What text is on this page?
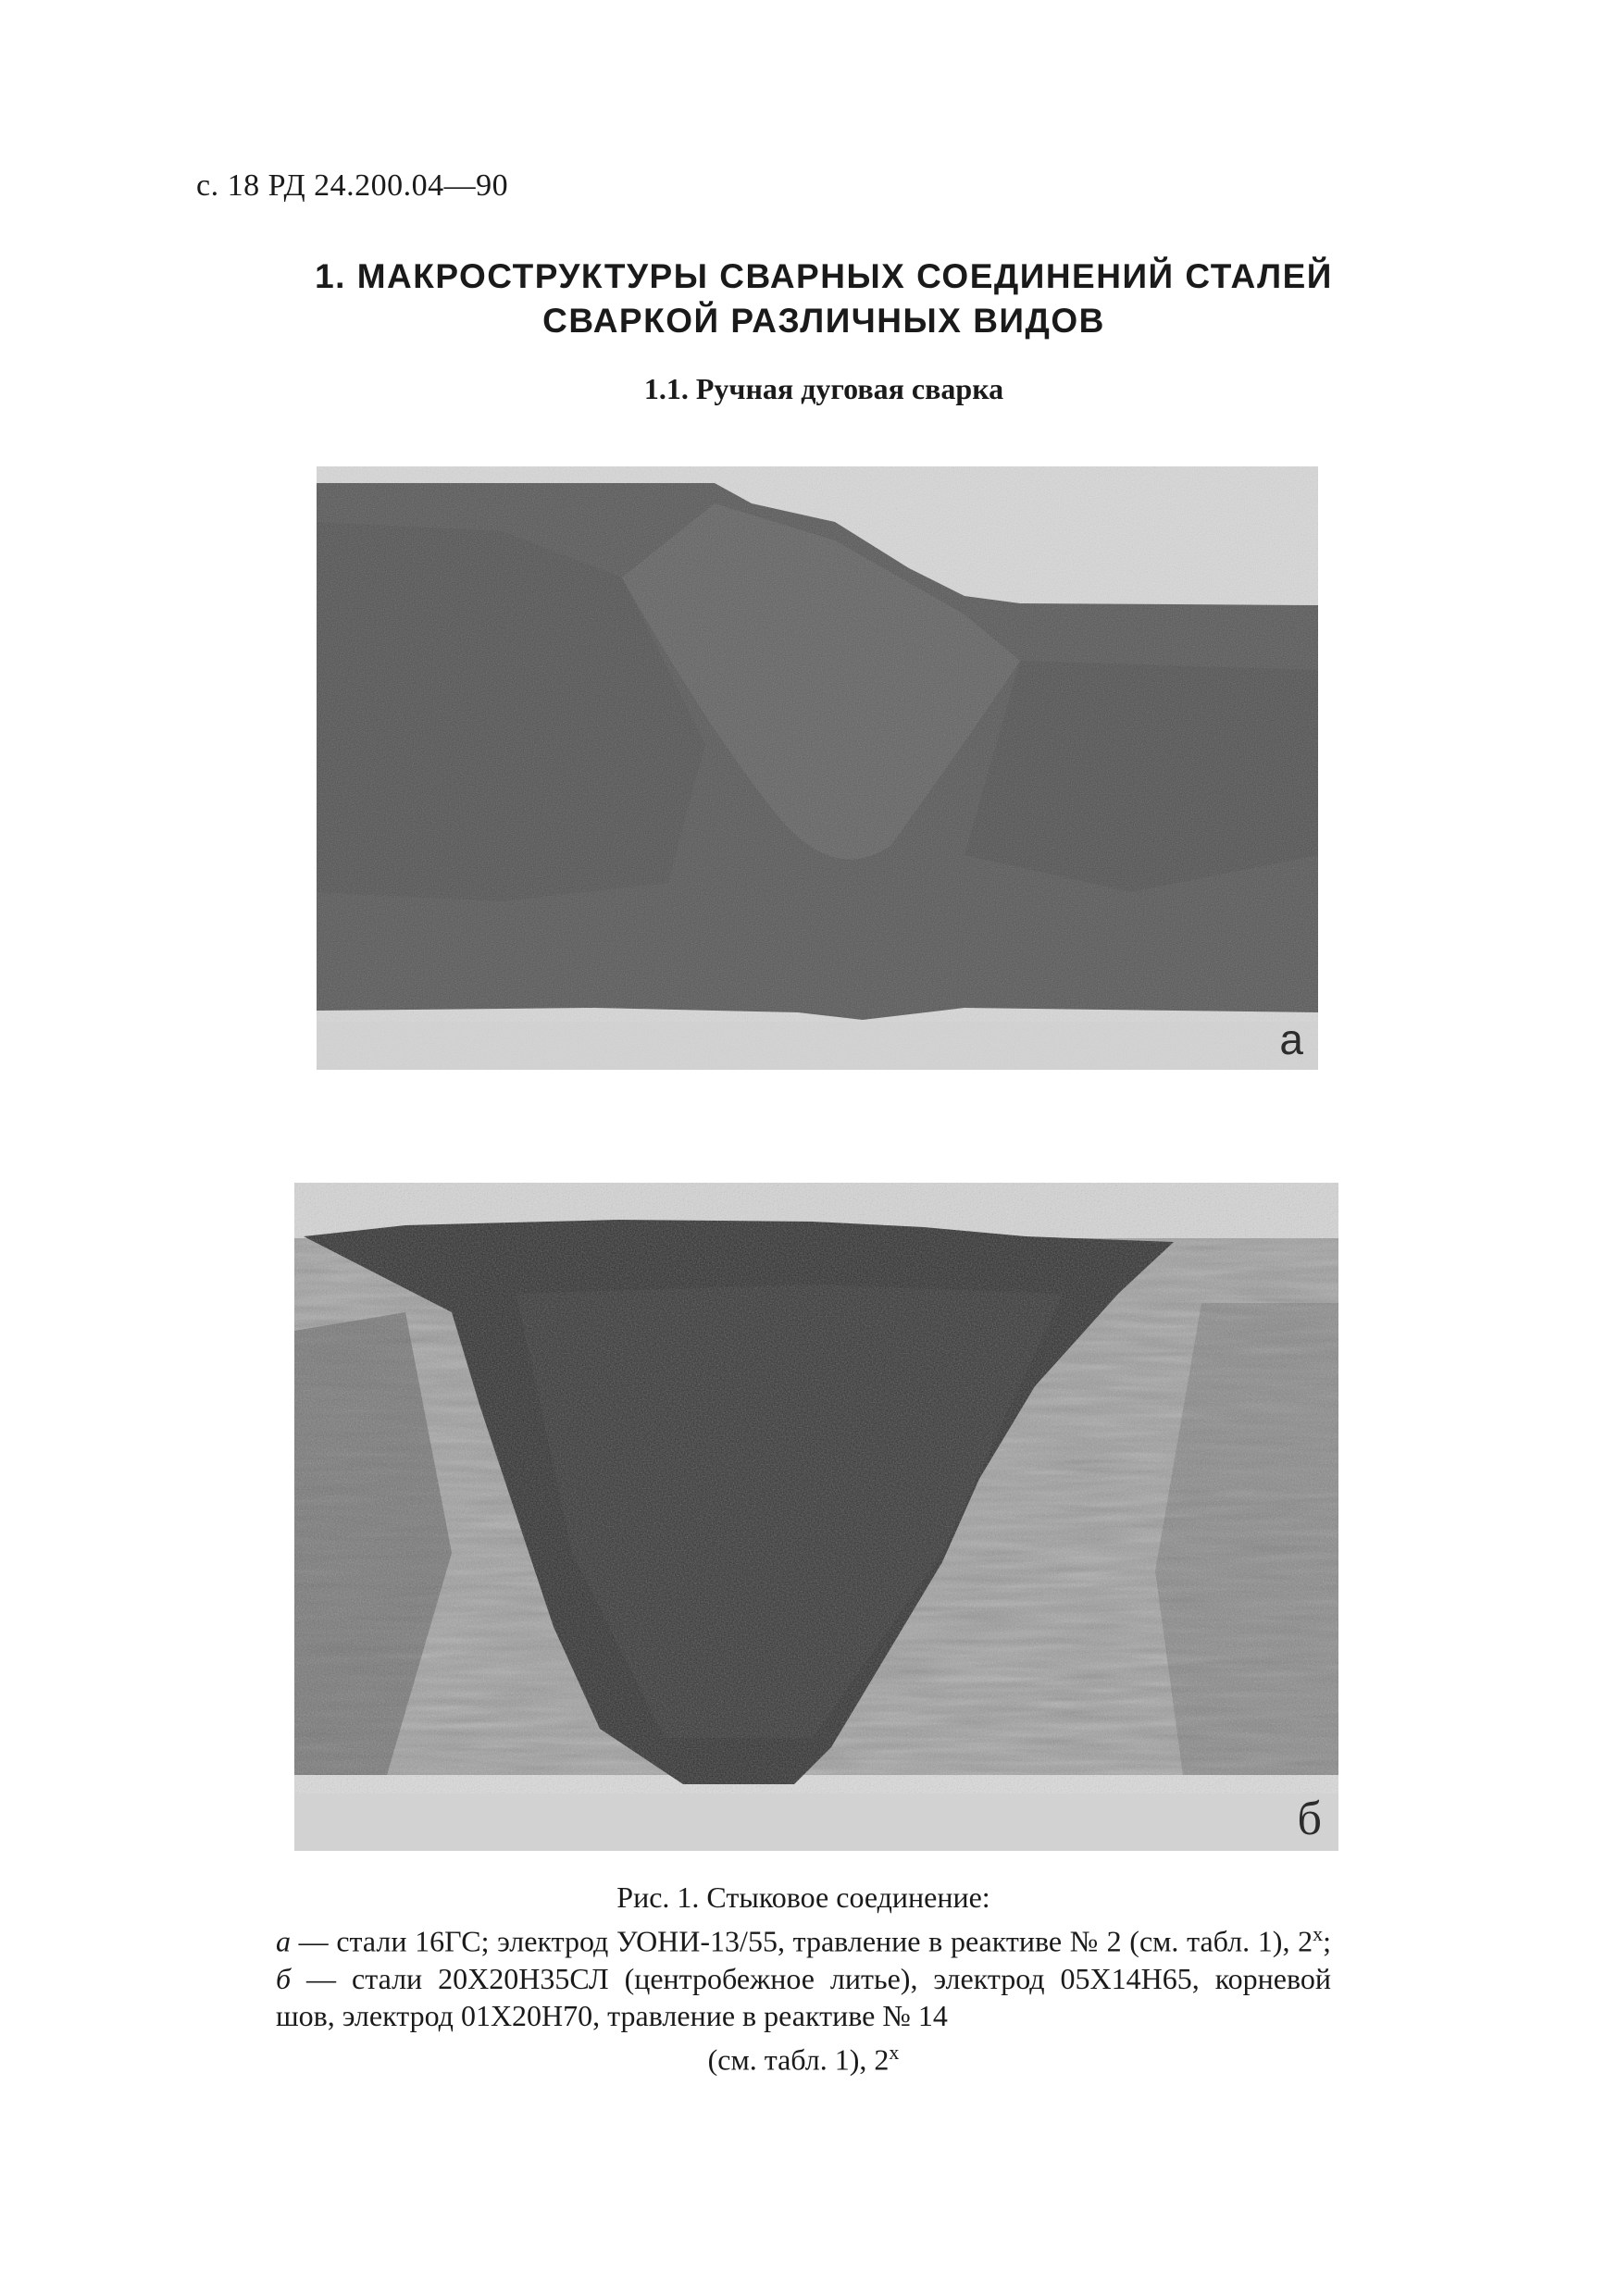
с. 18 РД 24.200.04—90
1. МАКРОСТРУКТУРЫ СВАРНЫХ СОЕДИНЕНИЙ СТАЛЕЙ
СВАРКОЙ РАЗЛИЧНЫХ ВИДОВ
1.1. Ручная дуговая сварка
а
б
Рис. 1. Стыковое соединение:
а — стали 16ГС; электрод УОНИ-13/55, травление в реактиве № 2 (см. табл. 1), $2^х$; б — стали 20Х20Н35СЛ (центробежное литье), электрод 05Х14Н65, корневой шов, электрод 01Х20Н70, травление в реактиве № 14
(см. табл. 1), $2^х$
